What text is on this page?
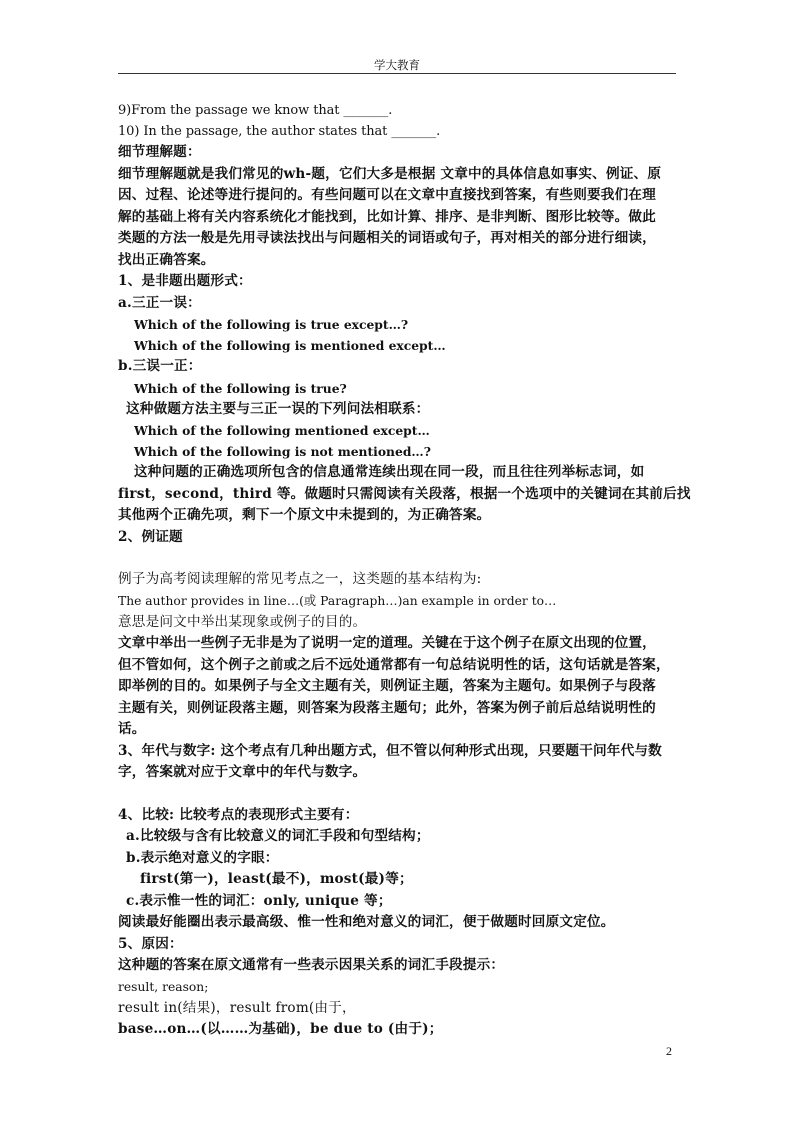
学大教育
9)From the passage we know that _______.
10) In the passage, the author states that _______.
细节理解题：
细节理解题就是我们常见的wh-题，它们大多是根据 文章中的具体信息如事实、例证、原
因、过程、论述等进行提问的。有些问题可以在文章中直接找到答案，有些则要我们在理
解的基础上将有关内容系统化才能找到，比如计算、排序、是非判断、图形比较等。做此
类题的方法一般是先用寻读法找出与问题相关的词语或句子，再对相关的部分进行细读，
找出正确答案。
1、是非题出题形式：
a.三正一误：
Which of the following is true except…?
Which of the following is mentioned except…
b.三误一正：
Which of the following is true?
这种做题方法主要与三正一误的下列问法相联系：
Which of the following mentioned except…
Which of the following is not mentioned…?
这种问题的正确选项所包含的信息通常连续出现在同一段，而且往往列举标志词，如
first，second，third 等。做题时只需阅读有关段落，根据一个选项中的关键词在其前后找
其他两个正确先项，剩下一个原文中未提到的，为正确答案。
2、例证题
例子为高考阅读理解的常见考点之一，这类题的基本结构为:
The author provides in line…(或 Paragraph…)an example in order to…
意思是问文中举出某现象或例子的目的。
文章中举出一些例子无非是为了说明一定的道理。关键在于这个例子在原文出现的位置，
但不管如何，这个例子之前或之后不远处通常都有一句总结说明性的话，这句话就是答案，
即举例的目的。如果例子与全文主题有关，则例证主题，答案为主题句。如果例子与段落
主题有关，则例证段落主题，则答案为段落主题句；此外，答案为例子前后总结说明性的
话。
3、年代与数字: 这个考点有几种出题方式，但不管以何种形式出现，只要题干问年代与数
字，答案就对应于文章中的年代与数字。
4、比较: 比较考点的表现形式主要有：
a.比较级与含有比较意义的词汇手段和句型结构；
b.表示绝对意义的字眼：
first(第一)，least(最不)，most(最)等；
c.表示惟一性的词汇：only, unique 等；
阅读最好能圈出表示最高级、惟一性和绝对意义的词汇，便于做题时回原文定位。
5、原因：
这种题的答案在原文通常有一些表示因果关系的词汇手段提示：
result, reason;
result in(结果)，result from(由于，
base…on…(以……为基础)，be due to (由于)；
2
